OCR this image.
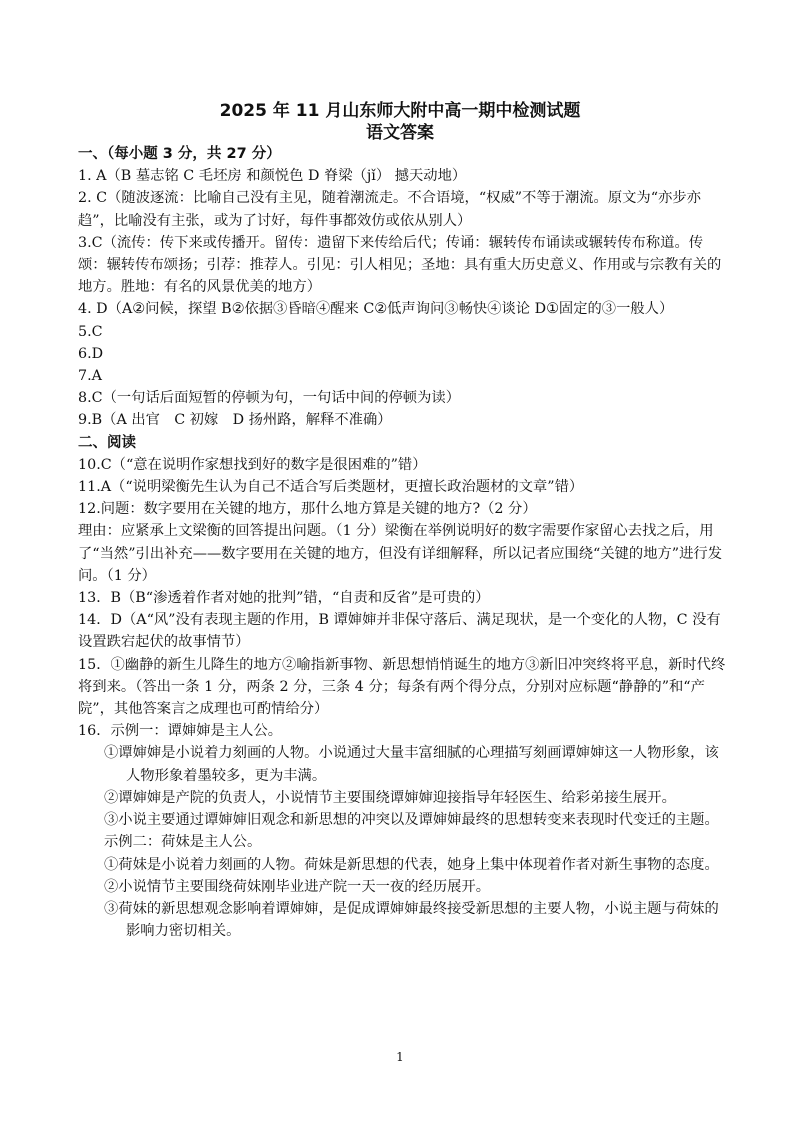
2025 年 11 月山东师大附中高一期中检测试题
语文答案
一、（每小题 3 分，共 27 分）

1. A（B 墓志铭 C 毛坯房 和颜悦色 D 脊梁（jǐ） 撼天动地）

2. C（随波逐流：比喻自己没有主见，随着潮流走。不合语境，“权威”不等于潮流。原文为“亦步亦趋”，比喻没有主张，或为了讨好，每件事都效仿或依从别人）

3.C（流传：传下来或传播开。留传：遗留下来传给后代；传诵：辗转传布诵读或辗转传布称道。传颂：辗转传布颂扬；引荐：推荐人。引见：引人相见；圣地：具有重大历史意义、作用或与宗教有关的地方。胜地：有名的风景优美的地方）

4. D（A②问候，探望 B②依据③昏暗④醒来 C②低声询问③畅快④谈论 D①固定的③一般人）

5.C

6.D

7.A

8.C（一句话后面短暂的停顿为句，一句话中间的停顿为读）

9.B（A 出官　C 初嫁　D 扬州路，解释不准确）

二、阅读

10.C（“意在说明作家想找到好的数字是很困难的”错）

11.A（“说明梁衡先生认为自己不适合写后类题材，更擅长政治题材的文章”错）

12.问题：数字要用在关键的地方，那什么地方算是关键的地方?（2 分）

理由：应紧承上文梁衡的回答提出问题。（1 分）梁衡在举例说明好的数字需要作家留心去找之后，用了“当然”引出补充——数字要用在关键的地方，但没有详细解释，所以记者应围绕“关键的地方”进行发问。（1 分）

13．B（B“渗透着作者对她的批判”错，“自责和反省”是可贵的）

14．D（A“风”没有表现主题的作用，B 谭婶婶并非保守落后、满足现状，是一个变化的人物，C 没有设置跌宕起伏的故事情节）

15．①幽静的新生儿降生的地方②喻指新事物、新思想悄悄诞生的地方③新旧冲突终将平息，新时代终将到来。（答出一条 1 分，两条 2 分，三条 4 分；每条有两个得分点，分别对应标题“静静的”和“产院”，其他答案言之成理也可酌情给分）

16．示例一：谭婶婶是主人公。

①谭婶婶是小说着力刻画的人物。小说通过大量丰富细腻的心理描写刻画谭婶婶这一人物形象，该人物形象着墨较多，更为丰满。

②谭婶婶是产院的负责人，小说情节主要围绕谭婶婶迎接指导年轻医生、给彩弟接生展开。

③小说主要通过谭婶婶旧观念和新思想的冲突以及谭婶婶最终的思想转变来表现时代变迁的主题。

示例二：荷妹是主人公。

①荷妹是小说着力刻画的人物。荷妹是新思想的代表，她身上集中体现着作者对新生事物的态度。

②小说情节主要围绕荷妹刚毕业进产院一天一夜的经历展开。

③荷妹的新思想观念影响着谭婶婶，是促成谭婶婶最终接受新思想的主要人物，小说主题与荷妹的影响力密切相关。

1
